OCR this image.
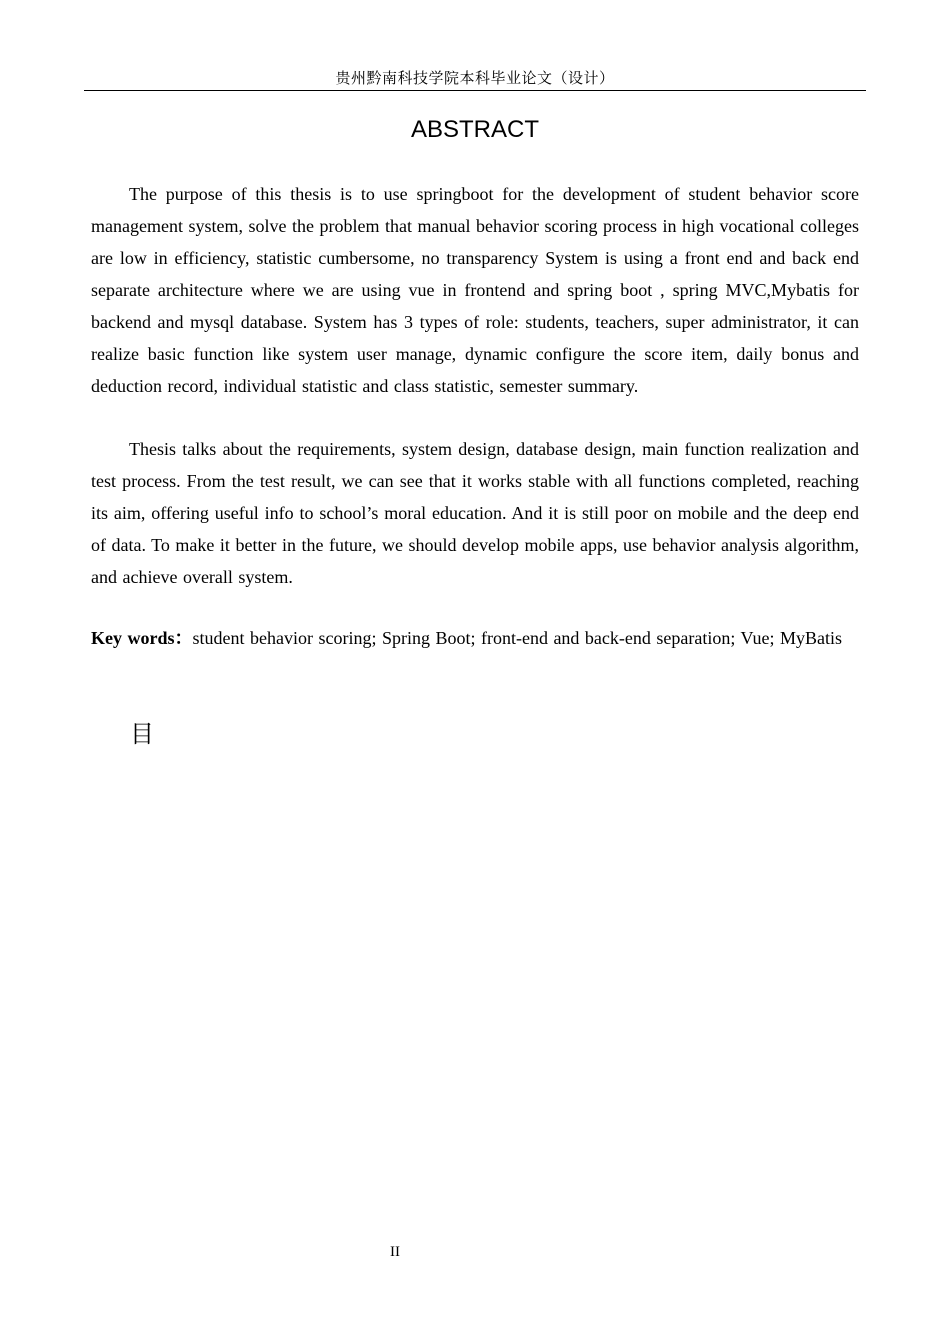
贵州黔南科技学院本科毕业论文（设计）
ABSTRACT

The purpose of this thesis is to use springboot for the development of student behavior score management system, solve the problem that manual behavior scoring process in high vocational colleges are low in efficiency, statistic cumbersome, no transparency System is using a front end and back end separate architecture where we are using vue in frontend and spring boot , spring MVC,Mybatis for backend and mysql database. System has 3 types of role: students, teachers, super administrator, it can realize basic function like system user manage, dynamic configure the score item, daily bonus and deduction record, individual statistic and class statistic, semester summary.

Thesis talks about the requirements, system design, database design, main function realization and test process. From the test result, we can see that it works stable with all functions completed, reaching its aim, offering useful info to school’s moral education. And it is still poor on mobile and the deep end of data. To make it better in the future, we should develop mobile apps, use behavior analysis algorithm, and achieve overall system.

Key words：student behavior scoring; Spring Boot; front-end and back-end separation; Vue; MyBatis
目
II
